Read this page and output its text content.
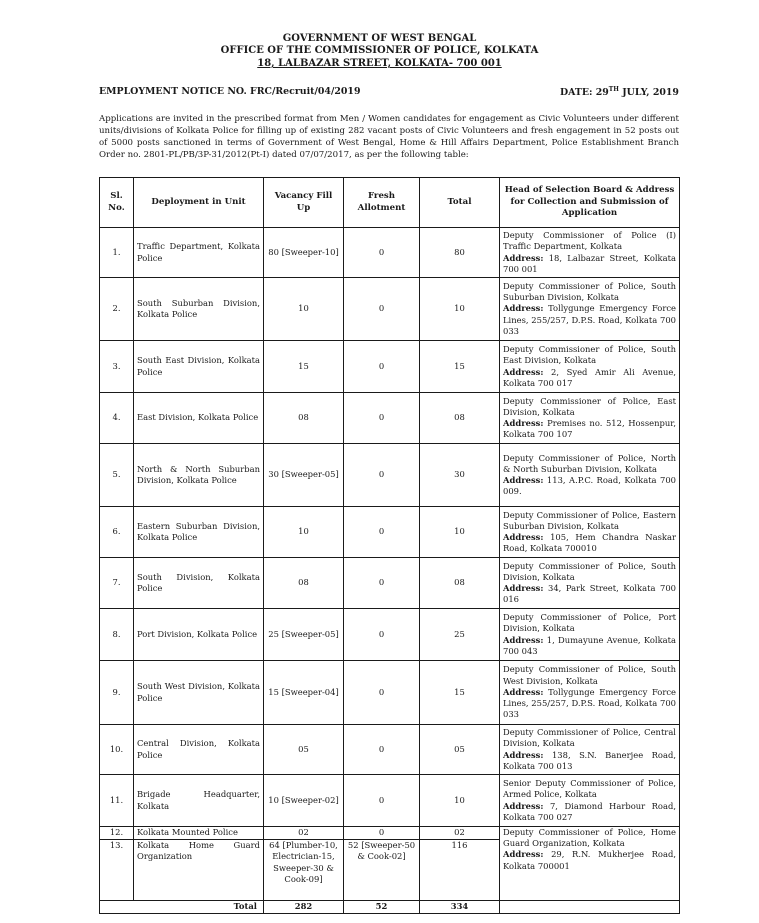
GOVERNMENT OF WEST BENGAL
OFFICE OF THE COMMISSIONER OF POLICE, KOLKATA
18, LALBAZAR STREET, KOLKATA- 700 001
EMPLOYMENT NOTICE NO. FRC/Recruit/04/2019	DATE: 29TH JULY, 2019
Applications are invited in the prescribed format from Men / Women candidates for engagement as Civic Volunteers under different units/divisions of Kolkata Police for filling up of existing 282 vacant posts of Civic Volunteers and fresh engagement in 52 posts out of 5000 posts sanctioned in terms of Government of West Bengal, Home & Hill Affairs Department, Police Establishment Branch Order no. 2801-PL/PB/3P-31/2012(Pt-I) dated 07/07/2017, as per the following table:
Sl. No.	Deployment in Unit	Vacancy Fill Up	Fresh Allotment	Total	Head of Selection Board & Address for Collection and Submission of Application
1.	Traffic Department, Kolkata Police	80 [Sweeper-10]	0	80	Deputy Commissioner of Police (I) Traffic Department, Kolkata
Address: 18, Lalbazar Street, Kolkata 700 001
2.	South Suburban Division, Kolkata Police	10	0	10	Deputy Commissioner of Police, South Suburban Division, Kolkata
Address: Tollygunge Emergency Force Lines, 255/257, D.P.S. Road, Kolkata 700 033
3.	South East Division, Kolkata Police	15	0	15	Deputy Commissioner of Police, South East Division, Kolkata
Address: 2, Syed Amir Ali Avenue, Kolkata 700 017
4.	East Division, Kolkata Police	08	0	08	Deputy Commissioner of Police, East Division, Kolkata
Address: Premises no. 512, Hossenpur, Kolkata 700 107
5.	North & North Suburban Division, Kolkata Police	30 [Sweeper-05]	0	30	Deputy Commissioner of Police, North & North Suburban Division, Kolkata
Address: 113, A.P.C. Road, Kolkata 700 009.
6.	Eastern Suburban Division, Kolkata Police	10	0	10	Deputy Commissioner of Police, Eastern Suburban Division, Kolkata
Address: 105, Hem Chandra Naskar Road, Kolkata 700010
7.	South Division, Kolkata Police	08	0	08	Deputy Commissioner of Police, South Division, Kolkata
Address: 34, Park Street, Kolkata 700 016
8.	Port Division, Kolkata Police	25 [Sweeper-05]	0	25	Deputy Commissioner of Police, Port Division, Kolkata
Address: 1, Dumayune Avenue, Kolkata 700 043
9.	South West Division, Kolkata Police	15 [Sweeper-04]	0	15	Deputy Commissioner of Police, South West Division, Kolkata
Address: Tollygunge Emergency Force Lines, 255/257, D.P.S. Road, Kolkata 700 033
10.	Central Division, Kolkata Police	05	0	05	Deputy Commissioner of Police, Central Division, Kolkata
Address: 138, S.N. Banerjee Road, Kolkata 700 013
11.	Brigade Headquarter, Kolkata	10 [Sweeper-02]	0	10	Senior Deputy Commissioner of Police, Armed Police, Kolkata
Address: 7, Diamond Harbour Road, Kolkata 700 027
12.	Kolkata Mounted Police	02	0	02	Deputy Commissioner of Police, Home Guard Organization, Kolkata
Address: 29, R.N. Mukherjee Road, Kolkata 700001
13.	Kolkata Home Guard Organization	64 [Plumber-10, Electrician-15, Sweeper-30 & Cook-09]	52 [Sweeper-50 & Cook-02]	116	
Total		282	52	334	
